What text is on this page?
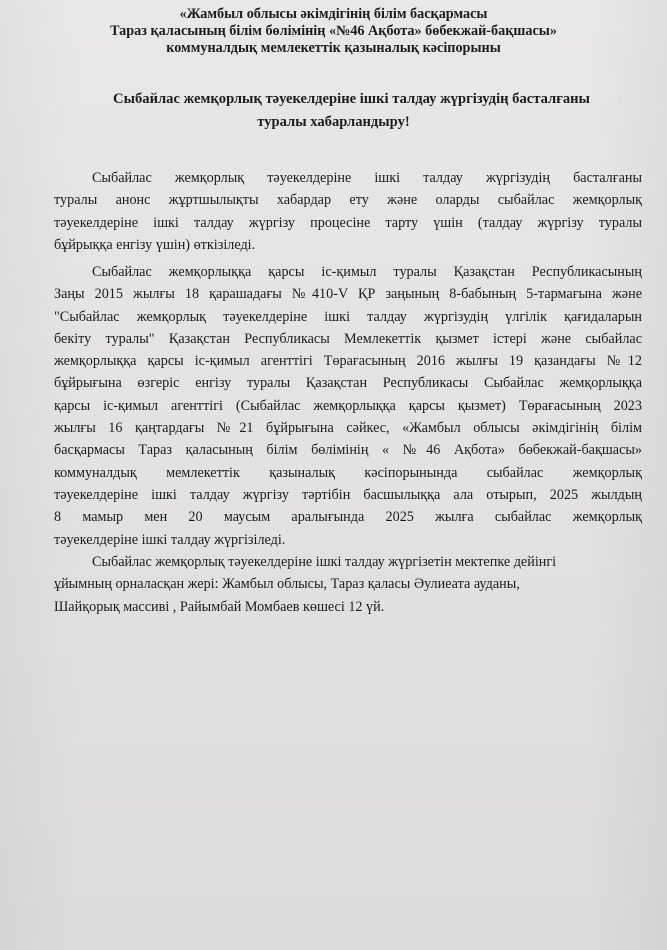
«Жамбыл облысы әкімдігінің білім басқармасы
Тараз қаласының білім бөлімінің «№46 Ақбота» бөбекжай-бақшасы»
коммуналдық мемлекеттік қазыналық кәсіпорыны
Сыбайлас жемқорлық тәуекелдеріне ішкі талдау жүргізудің басталғаны
туралы хабарландыру!
Сыбайлас жемқорлық тәуекелдеріне ішкі талдау жүргізудің басталғаны
туралы анонс жұртшылықты хабардар ету және оларды сыбайлас жемқорлық
тәуекелдеріне ішкі талдау жүргізу процесіне тарту үшін (талдау жүргізу туралы
бұйрыққа енгізу үшін) өткізіледі.
Сыбайлас жемқорлыққа қарсы іс-қимыл туралы Қазақстан Республикасының
Заңы 2015 жылғы 18 қарашадағы №410-V ҚР заңының 8-бабының 5-тармағына және
"Сыбайлас жемқорлық тәуекелдеріне ішкі талдау жүргізудің үлгілік қағидаларын
бекіту туралы" Қазақстан Республикасы Мемлекеттік қызмет істері және сыбайлас
жемқорлыққа қарсы іс-қимыл агенттігі Төрағасының 2016 жылғы 19 қазандағы №12
бұйрығына өзгеріс енгізу туралы Қазақстан Республикасы Сыбайлас жемқорлыққа
қарсы іс-қимыл агенттігі (Сыбайлас жемқорлыққа қарсы қызмет) Төрағасының 2023
жылғы 16 қаңтардағы №21 бұйрығына сәйкес, «Жамбыл облысы әкімдігінің білім
басқармасы Тараз қаласының білім бөлімінің « №46 Ақбота» бөбекжай-бақшасы»
коммуналдық мемлекеттік қазыналық кәсіпорынында сыбайлас жемқорлық
тәуекелдеріне ішкі талдау жүргізу тәртібін басшылыққа ала отырып, 2025 жылдың
8 мамыр мен 20 маусым аралығында 2025 жылға сыбайлас жемқорлық
тәуекелдеріне ішкі талдау жүргізіледі.
Сыбайлас жемқорлық тәуекелдеріне ішкі талдау жүргізетін мектепке дейінгі
ұйымның орналасқан жері: Жамбыл облысы, Тараз қаласы Әулиеата ауданы,
Шайқорық массиві , Райымбай Момбаев көшесі 12 үй.
